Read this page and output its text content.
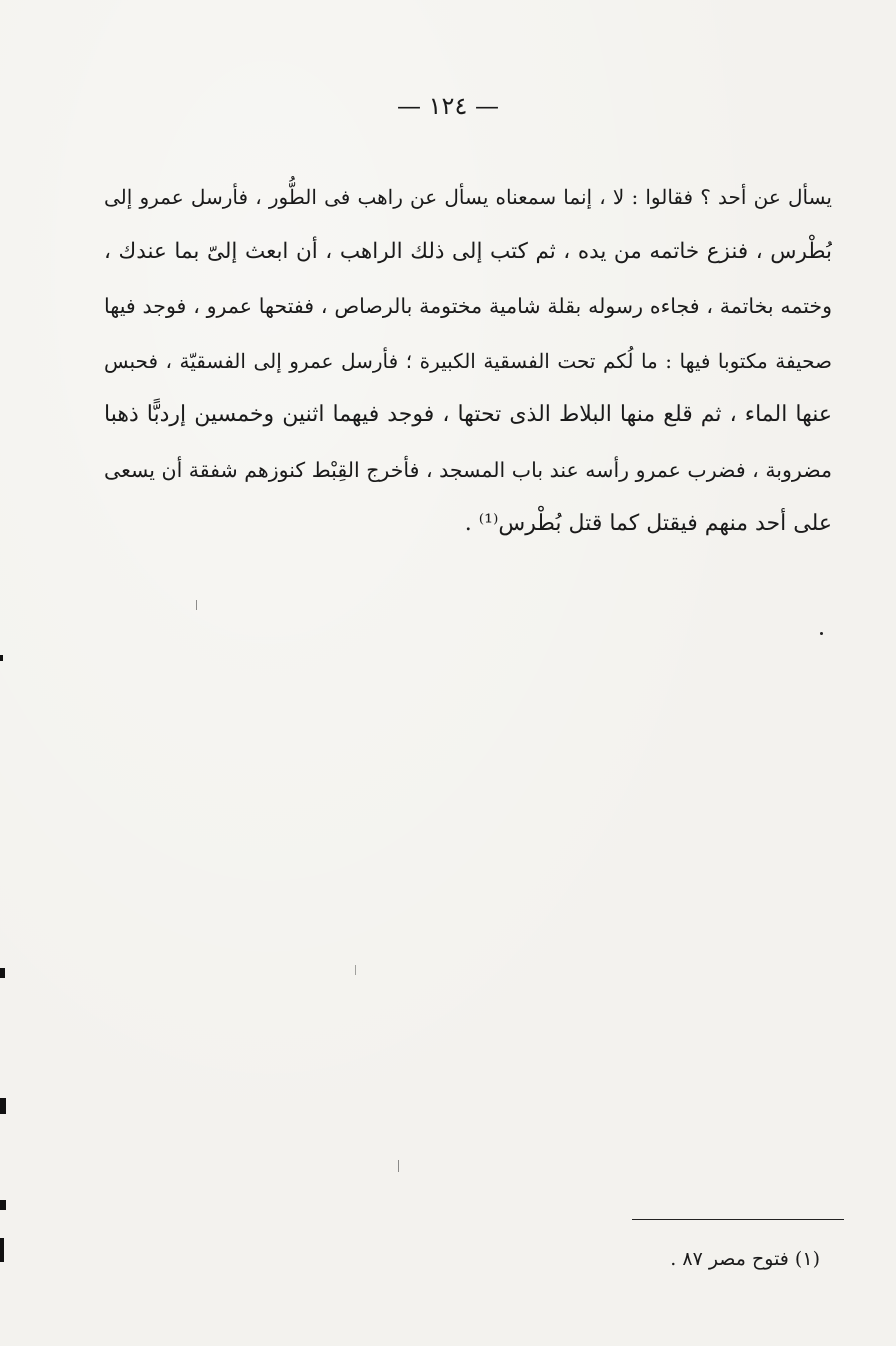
— ١٢٤ —
يسأل عن أحد ؟ فقالوا : لا ، إنما سمعناه يسأل عن راهب فى الطُّور ، فأرسل عمرو إلى
بُطْرس ، فنزع خاتمه من يده ، ثم كتب إلى ذلك الراهب ، أن ابعث إلىّ بما عندك ،
وختمه بخاتمة ، فجاءه رسوله بقلة شامية مختومة بالرصاص ، ففتحها عمرو ، فوجد فيها
صحيفة مكتوبا فيها : ما لُكم تحت الفسقية الكبيرة ؛ فأرسل عمرو إلى الفسقيّة ، فحبس
عنها الماء ، ثم قلع منها البلاط الذى تحتها ، فوجد فيهما اثنين وخمسين إردبًّا ذهبا
مضروبة ، فضرب عمرو رأسه عند باب المسجد ، فأخرج القِبْط كنوزهم شفقة أن يسعى
على أحد منهم فيقتل كما قتل بُطْرس⁽¹⁾ .
(١) فتوح مصر ٨٧ .
